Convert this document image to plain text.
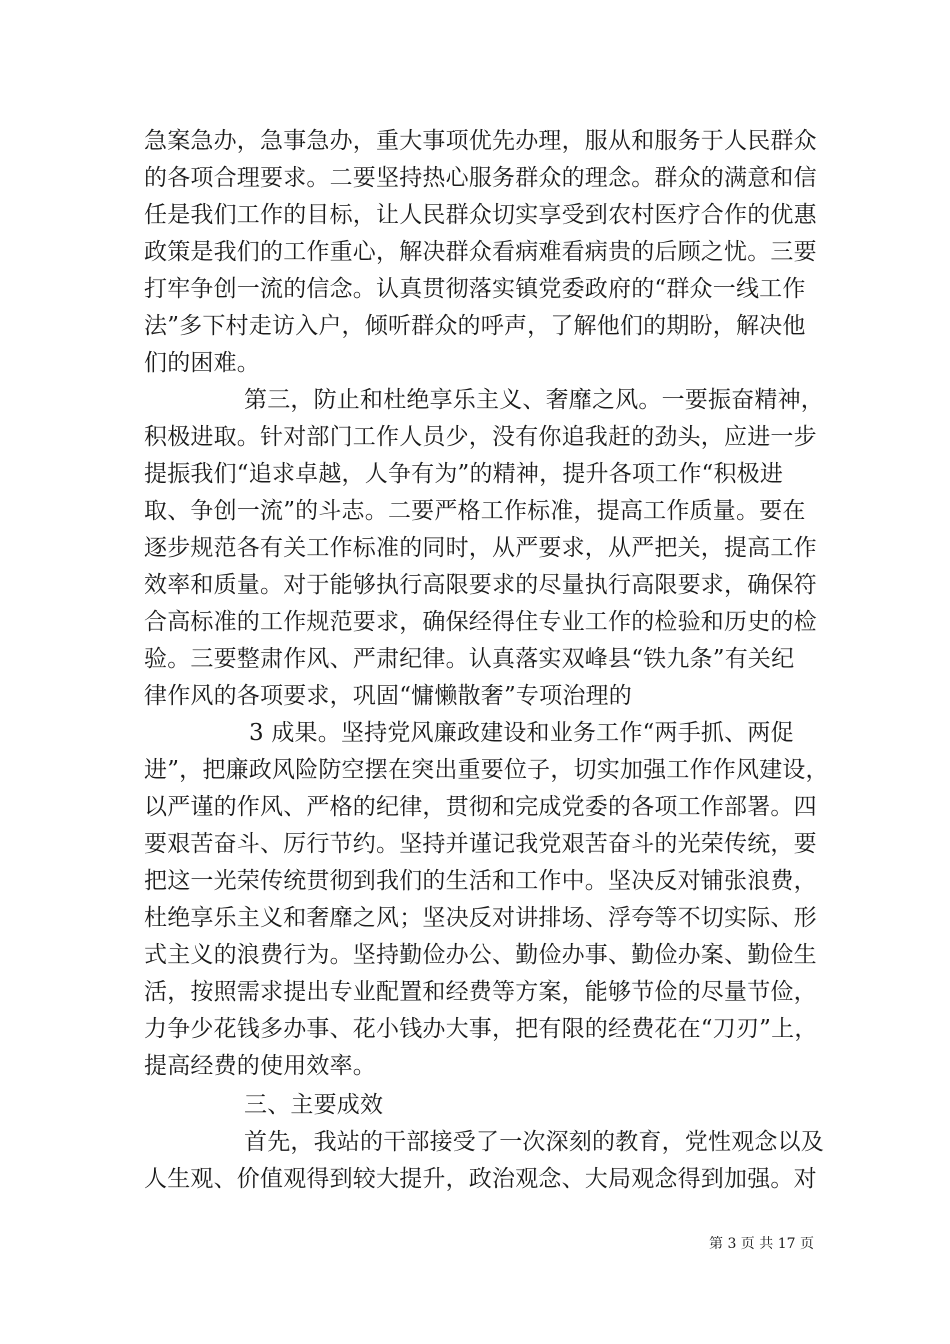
急案急办，急事急办，重大事项优先办理，服从和服务于人民群众
的各项合理要求。二要坚持热心服务群众的理念。群众的满意和信
任是我们工作的目标，让人民群众切实享受到农村医疗合作的优惠
政策是我们的工作重心，解决群众看病难看病贵的后顾之忧。三要
打牢争创一流的信念。认真贯彻落实镇党委政府的“群众一线工作
法”多下村走访入户，倾听群众的呼声，了解他们的期盼，解决他
们的困难。
第三，防止和杜绝享乐主义、奢靡之风。一要振奋精神，
积极进取。针对部门工作人员少，没有你追我赶的劲头，应进一步
提振我们“追求卓越，人争有为”的精神，提升各项工作“积极进
取、争创一流”的斗志。二要严格工作标准，提高工作质量。要在
逐步规范各有关工作标准的同时，从严要求，从严把关，提高工作
效率和质量。对于能够执行高限要求的尽量执行高限要求，确保符
合高标准的工作规范要求，确保经得住专业工作的检验和历史的检
验。三要整肃作风、严肃纪律。认真落实双峰县“铁九条”有关纪
律作风的各项要求，巩固“慵懒散奢”专项治理的
3 成果。坚持党风廉政建设和业务工作“两手抓、两促
进”，把廉政风险防空摆在突出重要位子，切实加强工作作风建设，
以严谨的作风、严格的纪律，贯彻和完成党委的各项工作部署。四
要艰苦奋斗、厉行节约。坚持并谨记我党艰苦奋斗的光荣传统，要
把这一光荣传统贯彻到我们的生活和工作中。坚决反对铺张浪费，
杜绝享乐主义和奢靡之风；坚决反对讲排场、浮夸等不切实际、形
式主义的浪费行为。坚持勤俭办公、勤俭办事、勤俭办案、勤俭生
活，按照需求提出专业配置和经费等方案，能够节俭的尽量节俭，
力争少花钱多办事、花小钱办大事，把有限的经费花在“刀刃”上，
提高经费的使用效率。
三、主要成效
首先，我站的干部接受了一次深刻的教育，党性观念以及
人生观、价值观得到较大提升，政治观念、大局观念得到加强。对
第 3 页 共 17 页
